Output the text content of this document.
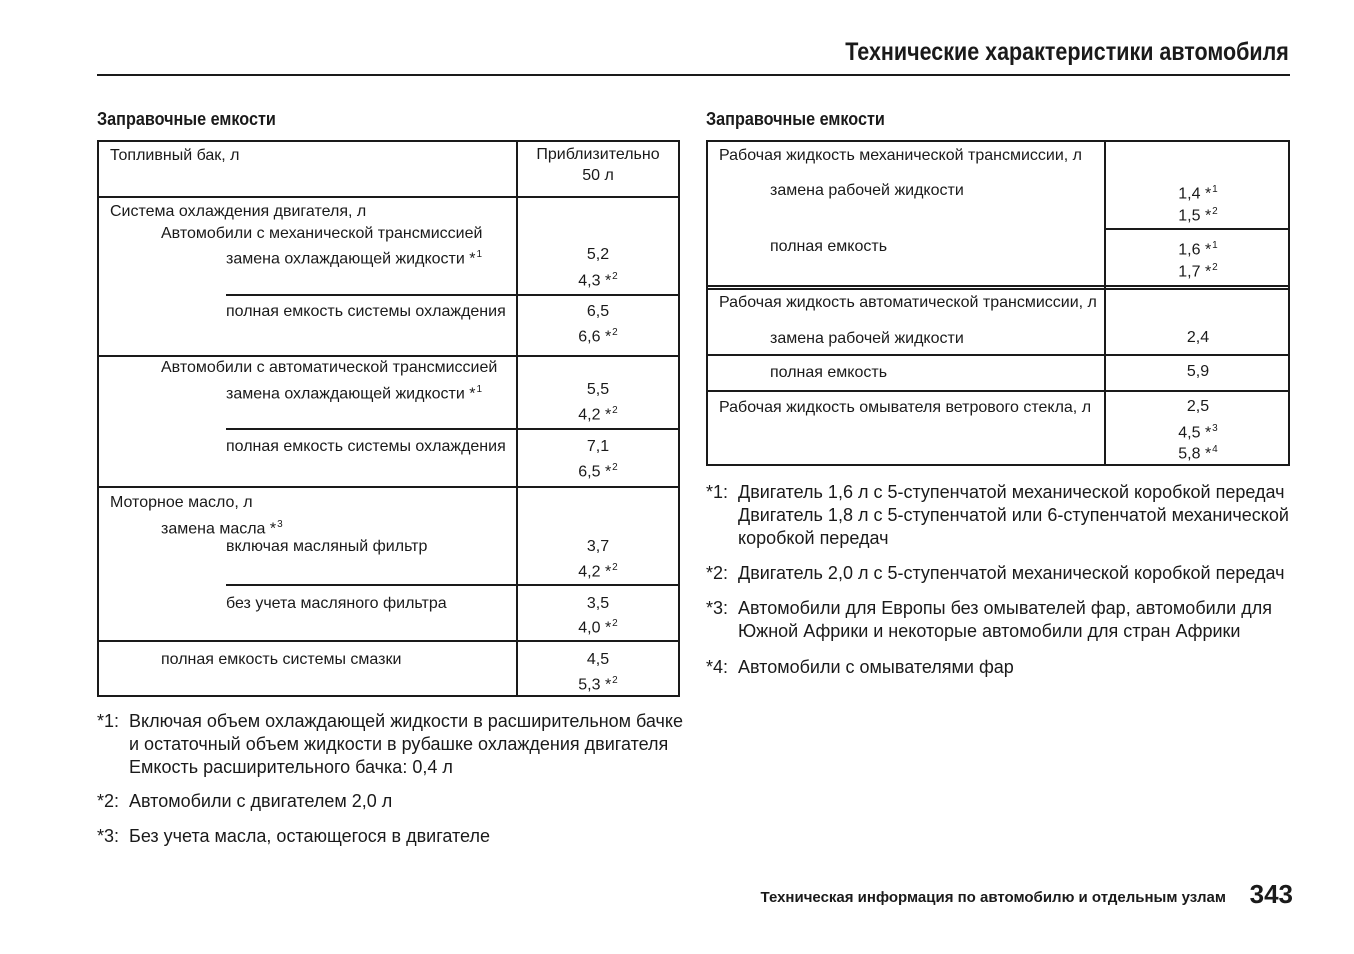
Технические характеристики автомобиля
Заправочные емкости
Топливный бак, л	Приблизительно
50 л
Система охлаждения двигателя, л
Автомобили с механической трансмиссией
замена охлаждающей жидкости *$^1$	5,2
4,3 *$^2$
полная емкость системы охлаждения	6,5
6,6 *$^2$
Автомобили с автоматической трансмиссией
замена охлаждающей жидкости *$^1$	5,5
4,2 *$^2$
полная емкость системы охлаждения	7,1
6,5 *$^2$
Моторное масло, л
замена масла *$^3$
включая масляный фильтр	3,7
4,2 *$^2$
без учета масляного фильтра	3,5
4,0 *$^2$
полная емкость системы смазки	4,5
5,3 *$^2$
*1: Включая объем охлаждающей жидкости в расширительном бачке
и остаточный объем жидкости в рубашке охлаждения двигателя
Емкость расширительного бачка: 0,4 л
*2: Автомобили с двигателем 2,0 л
*3: Без учета масла, остающегося в двигателе
Заправочные емкости
Рабочая жидкость механической трансмиссии, л
замена рабочей жидкости	1,4 *$^1$
1,5 *$^2$
полная емкость	1,6 *$^1$
1,7 *$^2$
Рабочая жидкость автоматической трансмиссии, л
замена рабочей жидкости	2,4
полная емкость	5,9
Рабочая жидкость омывателя ветрового стекла, л	2,5
4,5 *$^3$
5,8 *$^4$
*1: Двигатель 1,6 л с 5-ступенчатой механической коробкой передач
Двигатель 1,8 л с 5-ступенчатой или 6-ступенчатой механической
коробкой передач
*2: Двигатель 2,0 л с 5-ступенчатой механической коробкой передач
*3: Автомобили для Европы без омывателей фар, автомобили для
Южной Африки и некоторые автомобили для стран Африки
*4: Автомобили с омывателями фар
Техническая информация по автомобилю и отдельным узлам 343
